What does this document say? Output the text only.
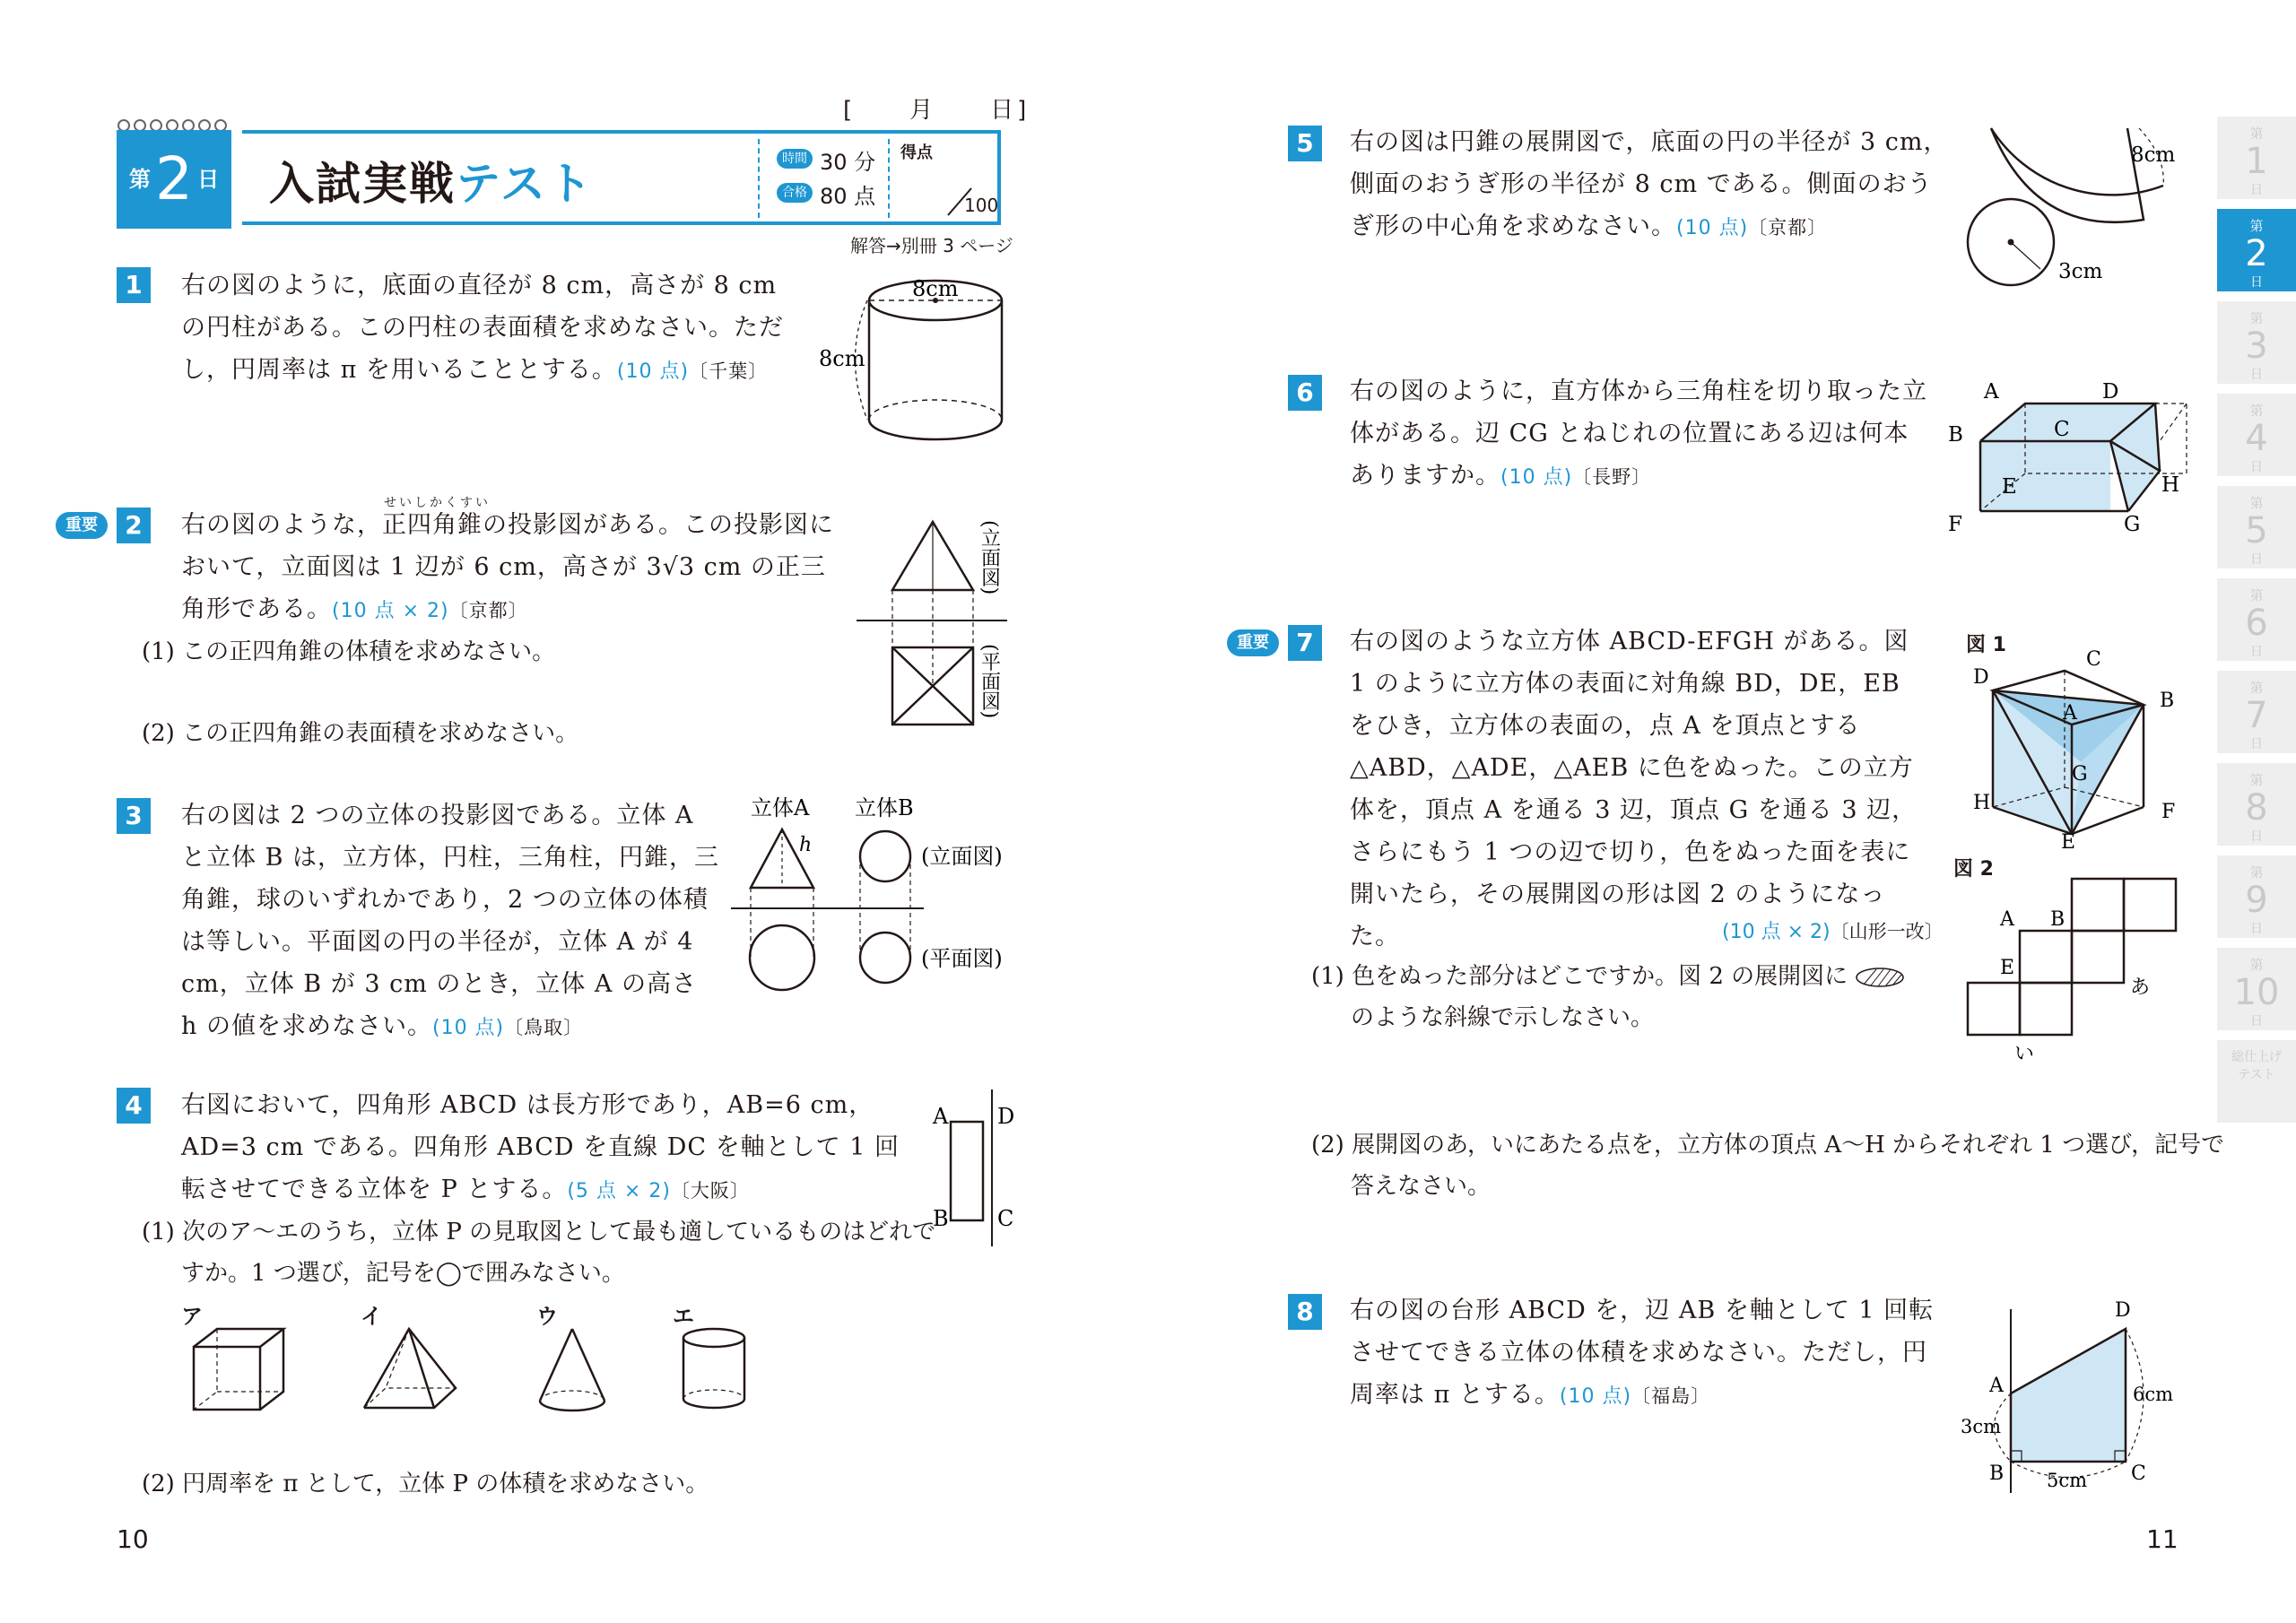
[　　月　　日]
第 2 日 入試実戦テスト	時間 30 分
合格 80 点
得点
100
解答→別冊 3 ページ
1	右の図のように，底面の直径が 8 cm，高さが 8 cm の円柱がある。この円柱の表面積を求めなさい。ただし，円周率は π を用いることとする。(10 点)〔千葉〕
8cm
8cm
重要	2
せいしかくすい
右の図のような，正四角錐の投影図がある。この投影図において，立面図は 1 辺が 6 cm，高さが 3√3 cm の正三角形である。(10 点 × 2)〔京都〕
(1) この正四角錐の体積を求めなさい。
(2) この正四角錐の表面積を求めなさい。
(立面図)
(平面図)
3	右の図は 2 つの立体の投影図である。立体 A と立体 B は，立方体，円柱，三角柱，円錐，三角錐，球のいずれかであり，2 つの立体の体積は等しい。平面図の円の半径が，立体 A が 4 cm，立体 B が 3 cm のとき，立体 A の高さ h の値を求めなさい。(10 点)〔鳥取〕
立体A 立体B
h	(立面図)
(平面図)
4	右図において，四角形 ABCD は長方形であり，AB=6 cm，AD=3 cm である。四角形 ABCD を直線 DC を軸として 1 回転させてできる立体を P とする。(5 点 × 2)〔大阪〕
(1) 次のア～エのうち，立体 P の見取図として最も適しているものはどれですか。1 つ選び，記号を◯で囲みなさい。
(2) 円周率を π として，立体 P の体積を求めなさい。
A D
B C
ア	イ	ウ	エ
10
5	右の図は円錐の展開図で，底面の円の半径が 3 cm，側面のおうぎ形の半径が 8 cm である。側面のおうぎ形の中心角を求めなさい。(10 点)〔京都〕
8cm
3cm
6	右の図のように，直方体から三角柱を切り取った立体がある。辺 CG とねじれの位置にある辺は何本ありますか。(10 点)〔長野〕
A	D
B	C
E
F	G
H
重要	7	右の図のような立方体 ABCD-EFGH がある。図 1 のように立方体の表面に対角線 BD，DE，EB をひき，立方体の表面の，点 A を頂点とする △ABD，△ADE，△AEB に色をぬった。この立方体を，頂点 A を通る 3 辺，頂点 G を通る 3 辺，さらにもう 1 つの辺で切り，色をぬった面を表に開いたら，その展開図の形は図 2 のようになった。	(10 点 × 2)〔山形一改〕
(1) 色をぬった部分はどこですか。図 2 の展開図に
のような斜線で示しなさい。
(2) 展開図のあ，いにあたる点を，立方体の頂点 A～H からそれぞれ 1 つ選び，記号で答えなさい。
図 1
A
B
C
D
E
F
G
H
図 2
A B
E
あ
い
8	右の図の台形 ABCD を，辺 AB を軸として 1 回転させてできる立体の体積を求めなさい。ただし，円周率は π とする。(10 点)〔福島〕	A
B	C
D
3cm
5cm
6cm
11
第
1
日
第
2
日
第
3
日
第
4
日
第
5
日
第
6
日
第
7
日
第
8
日
第
9
日
第
10
日
総仕上げ
テスト
